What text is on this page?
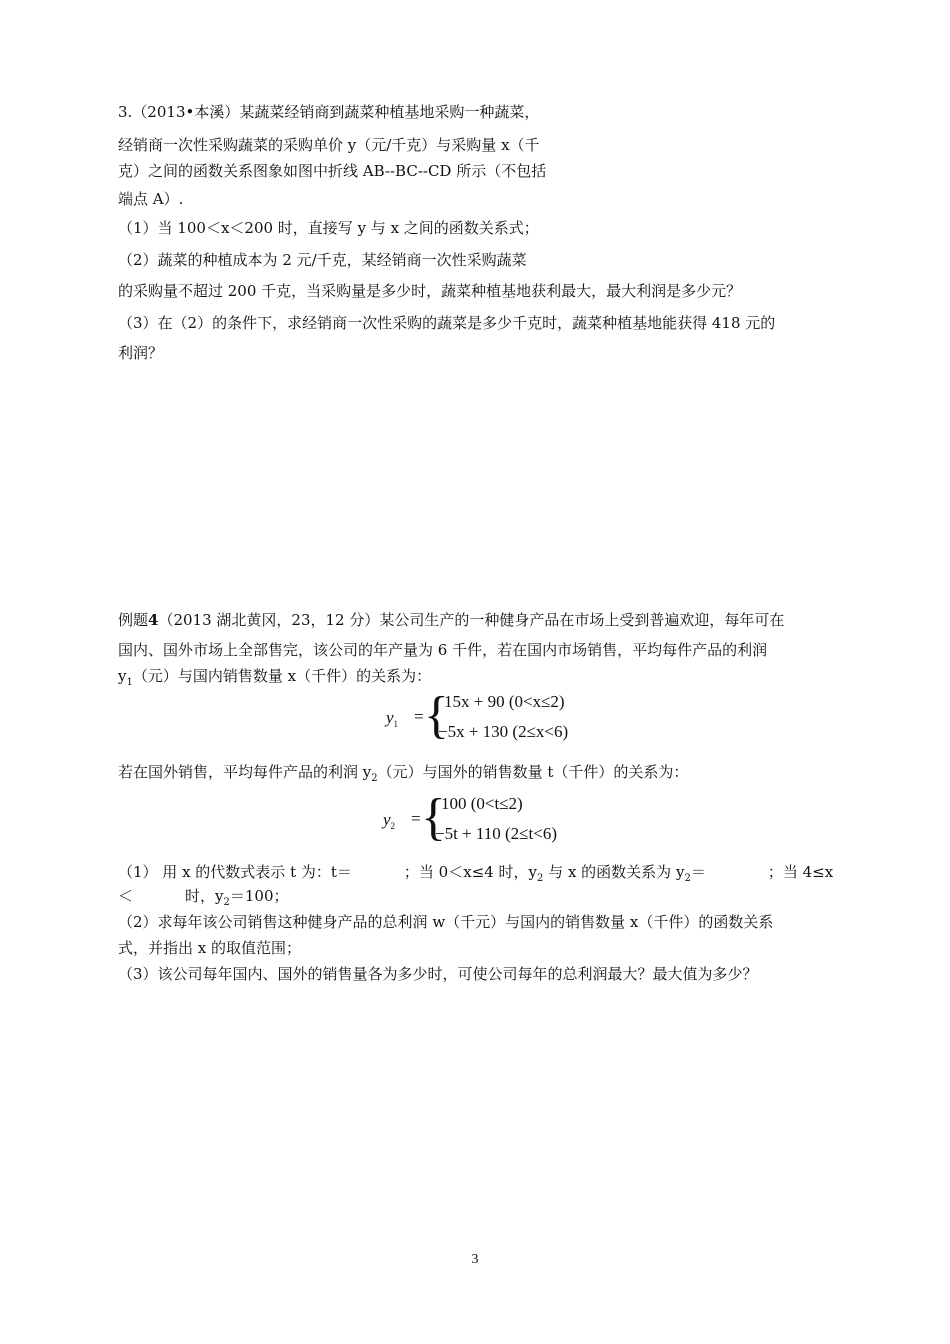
3.（2013•本溪）某蔬菜经销商到蔬菜种植基地采购一种蔬菜，
经销商一次性采购蔬菜的采购单价 y（元/千克）与采购量 x（千
克）之间的函数关系图象如图中折线 AB--BC--CD 所示（不包括
端点 A）.
（1）当 100＜x＜200 时，直接写 y 与 x 之间的函数关系式；
（2）蔬菜的种植成本为 2 元/千克，某经销商一次性采购蔬菜
的采购量不超过 200 千克，当采购量是多少时，蔬菜种植基地获利最大，最大利润是多少元？
（3）在（2）的条件下，求经销商一次性采购的蔬菜是多少千克时，蔬菜种植基地能获得 418 元的
利润？
例题4（2013 湖北黄冈，23，12 分）某公司生产的一种健身产品在市场上受到普遍欢迎，每年可在
国内、国外市场上全部售完，该公司的年产量为 6 千件，若在国内市场销售，平均每件产品的利润
$y_1$（元）与国内销售数量 x（千件）的关系为：
$y_1$ = {
15x + 90 (0<x≤2)
−5x + 130 (2≤x<6)
若在国外销售，平均每件产品的利润 $y_2$（元）与国外的销售数量 t（千件）的关系为：
$y_2$ = {
100 (0<t≤2)
−5t + 110 (2≤t<6)
（1） 用 x 的代数式表示 t 为：t＝	；当 0＜x≤4 时，$y_2$ 与 x 的函数关系为 $y_2=$	；当 4≤x
＜	时，$y_2=100$；
（2）求每年该公司销售这种健身产品的总利润 w（千元）与国内的销售数量 x（千件）的函数关系
式，并指出 x 的取值范围；
（3）该公司每年国内、国外的销售量各为多少时，可使公司每年的总利润最大？最大值为多少？
3
